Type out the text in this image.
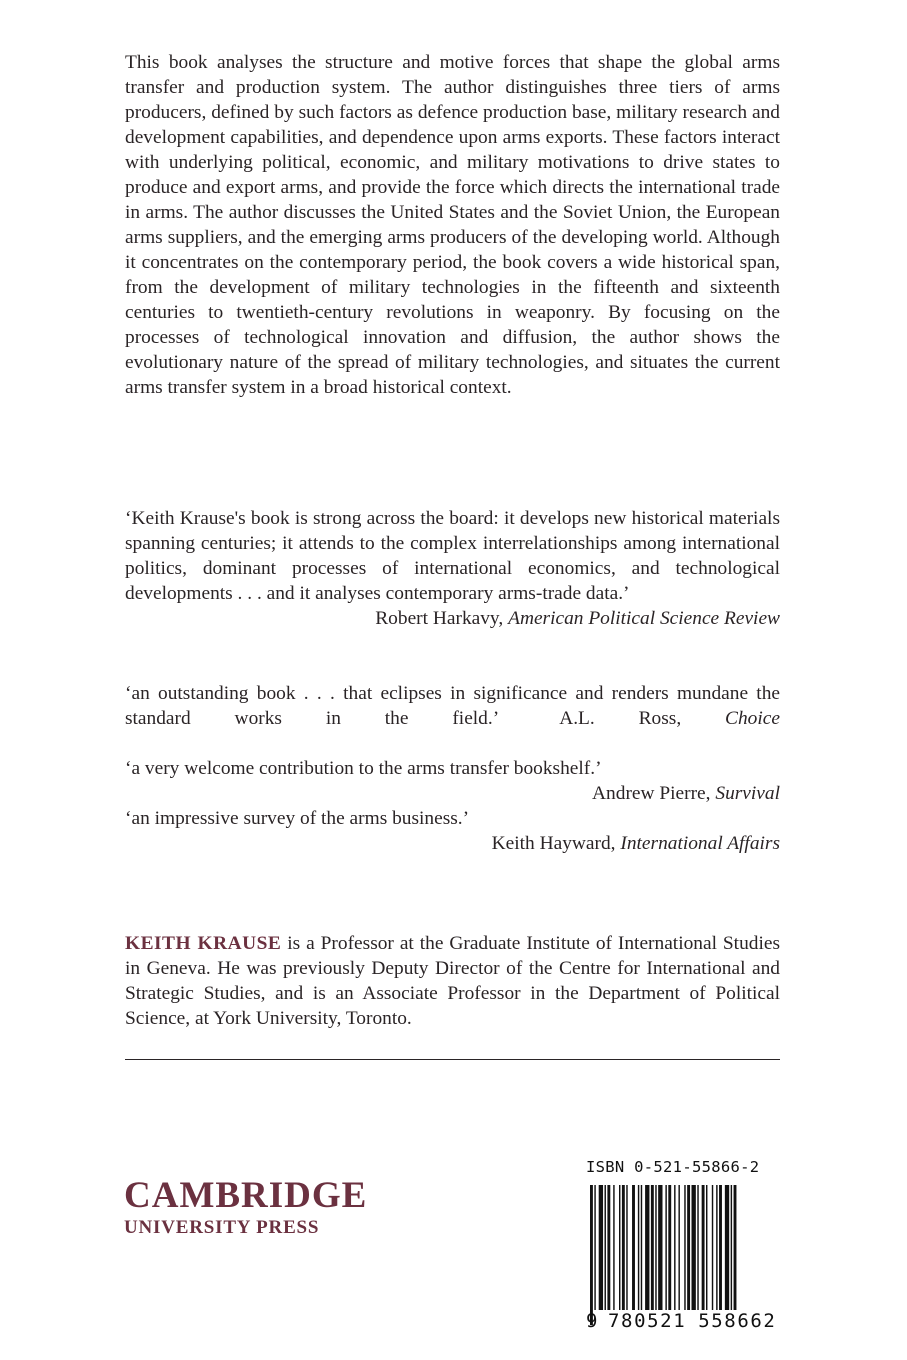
This book analyses the structure and motive forces that shape the global arms transfer and production system. The author distinguishes three tiers of arms producers, defined by such factors as defence production base, military research and development capabilities, and dependence upon arms exports. These factors interact with underlying political, economic, and military motivations to drive states to produce and export arms, and provide the force which directs the international trade in arms. The author discusses the United States and the Soviet Union, the European arms suppliers, and the emerging arms producers of the developing world. Although it concentrates on the contemporary period, the book covers a wide historical span, from the development of military technologies in the fifteenth and sixteenth centuries to twentieth-century revolutions in weaponry. By focusing on the processes of technological innovation and diffusion, the author shows the evolutionary nature of the spread of military technologies, and situates the current arms transfer system in a broad historical context.

‘Keith Krause's book is strong across the board: it develops new historical materials spanning centuries; it attends to the complex interrelationships among international politics, dominant processes of international economics, and technological developments . . . and it analyses contemporary arms-trade data.’

Robert Harkavy, American Political Science Review

‘an outstanding book . . . that eclipses in significance and renders mundane the standard works in the field.’	A.L. Ross, Choice

‘a very welcome contribution to the arms transfer bookshelf.’

Andrew Pierre, Survival

‘an impressive survey of the arms business.’

Keith Hayward, International Affairs

KEITH KRAUSE is a Professor at the Graduate Institute of International Studies in Geneva. He was previously Deputy Director of the Centre for International and Strategic Studies, and is an Associate Professor in the Department of Political Science, at York University, Toronto.

CAMBRIDGE
UNIVERSITY PRESS
ISBN 0-521-55866-2
9 780521 558662
